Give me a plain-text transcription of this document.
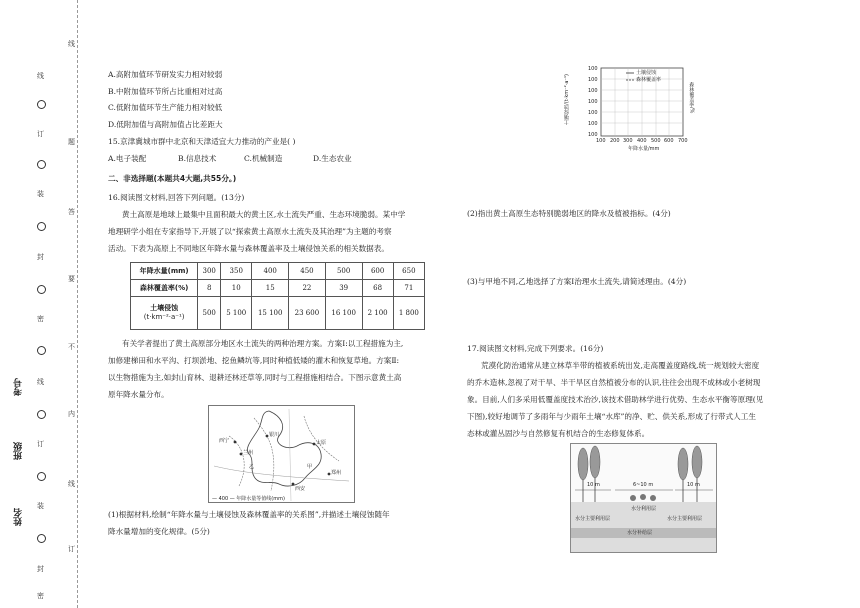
线
订
装
封
密
线
订
装
封
密
线
题
答
要
不
内
线
订
考号
班级
姓名
A.高附加值环节研发实力相对较弱
B.中附加值环节所占比重相对过高
C.低附加值环节生产能力相对较低
D.低附加值与高附加值占比差距大
15.京津冀城市群中北京和天津适宜大力推动的产业是( )
A.电子装配	B.信息技术	C.机械制造	D.生态农业
二、非选择题(本题共4大题,共55分。)
16.阅读图文材料,回答下列问题。(13分)
黄土高原是地球上最集中且面积最大的黄土区,水土流失严重、生态环境脆弱。某中学
地理研学小组在专家指导下,开展了以“探索黄土高原水土流失及其治理”为主题的考察
活动。下表为高原上不同地区年降水量与森林覆盖率及土壤侵蚀关系的相关数据表。
年降水量(mm)	300	350	400	450	500	600	650
森林覆盖率(%)	8	10	15	22	39	68	71

土壤侵蚀
(t·km⁻²·a⁻¹)	500	5 100	15 100	23 600	16 100	2 100	1 800
有关学者提出了黄土高原部分地区水土流失的两种治理方案。方案Ⅰ:以工程措施为主,
加修建梯田和水平沟、打坝淤地、挖鱼鳞坑等,同时种植低矮的灌木和恢复草地。方案Ⅱ:
以生物措施为主,如封山育林、退耕还林还草等,同时与工程措施相结合。下图示意黄土高
原年降水量分布。
兰州
西宁
银川
太原
郑州
西安
甲
乙
— 400 — 年降水量等值线(mm)
(1)根据材料,绘制“年降水量与土壤侵蚀及森林覆盖率的关系图”,并描述土壤侵蚀随年
降水量增加的变化规律。(5分)
土壤侵蚀
森林覆盖率
100
100
100
100
100
100
100
100 200 300 400 500 600 700
年降水量/mm
土壤侵蚀/(t·km⁻²·a⁻¹)	森林覆盖率/%
(2)指出黄土高原生态特别脆弱地区的降水及植被指标。(4分)
(3)与甲地不同,乙地选择了方案Ⅰ治理水土流失,请简述理由。(4分)
17.阅读图文材料,完成下列要求。(16分)
荒漠化防治通常从建立林草半带的植被系统出发,走高覆盖度路线,统一规划较大密度
的乔木造林,忽视了对干旱、半干旱区自然植被分布的认识,往往会出现不成林或小老树现
象。目前,人们多采用低覆盖度技术治沙,该技术借助林学进行优势、生态水平衡等原理(见
下图),较好地调节了多雨年与少雨年土壤“水库”的净、贮、供关系,形成了行带式人工生
态林或灌丛固沙与自然修复有机结合的生态修复体系。
10 m	6~10 m	10 m
水分利用层
水分主要利用层
水分补给层
水分主要利用层
